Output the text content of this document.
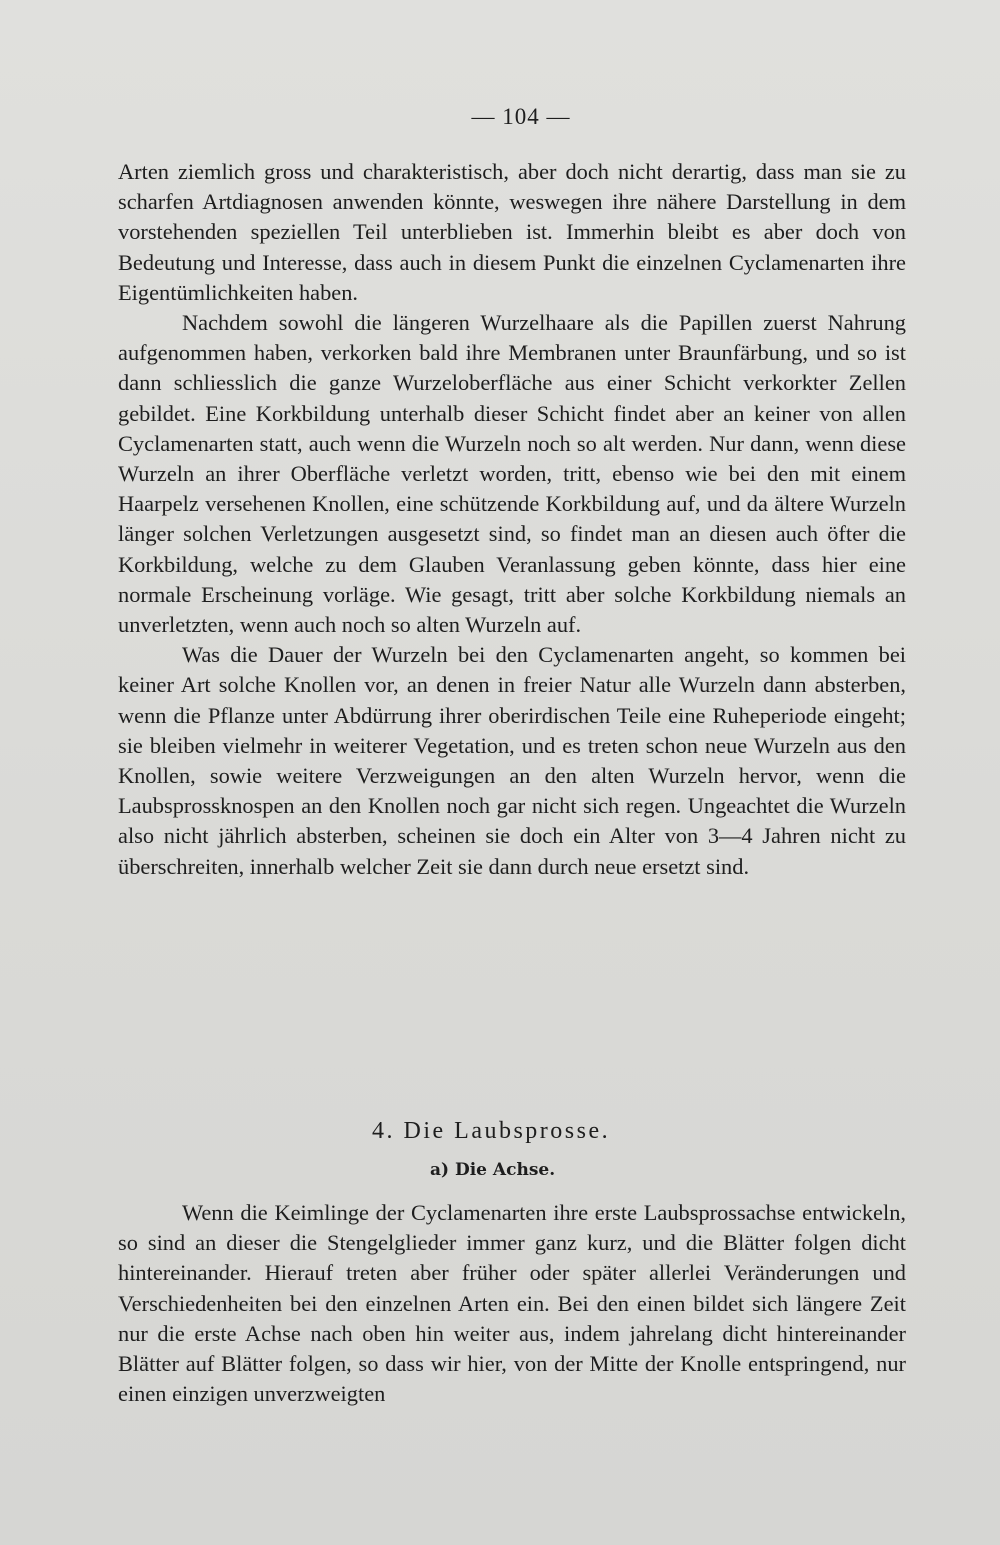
— 104 —

Arten ziemlich gross und charakteristisch, aber doch nicht derartig, dass man sie zu scharfen Artdiagnosen anwenden könnte, weswegen ihre nähere Darstellung in dem vorstehenden speziellen Teil unterblieben ist. Immerhin bleibt es aber doch von Bedeutung und Interesse, dass auch in diesem Punkt die einzelnen Cyclamenarten ihre Eigentümlichkeiten haben.

Nachdem sowohl die längeren Wurzelhaare als die Papillen zuerst Nahrung aufgenommen haben, verkorken bald ihre Membranen unter Braunfärbung, und so ist dann schliesslich die ganze Wurzeloberfläche aus einer Schicht verkorkter Zellen gebildet. Eine Korkbildung unterhalb dieser Schicht findet aber an keiner von allen Cyclamenarten statt, auch wenn die Wurzeln noch so alt werden. Nur dann, wenn diese Wurzeln an ihrer Oberfläche verletzt worden, tritt, ebenso wie bei den mit einem Haarpelz versehenen Knollen, eine schützende Korkbildung auf, und da ältere Wurzeln länger solchen Verletzungen ausgesetzt sind, so findet man an diesen auch öfter die Korkbildung, welche zu dem Glauben Veranlassung geben könnte, dass hier eine normale Erscheinung vorläge. Wie gesagt, tritt aber solche Korkbildung niemals an unverletzten, wenn auch noch so alten Wurzeln auf.

Was die Dauer der Wurzeln bei den Cyclamenarten angeht, so kommen bei keiner Art solche Knollen vor, an denen in freier Natur alle Wurzeln dann absterben, wenn die Pflanze unter Abdürrung ihrer oberirdischen Teile eine Ruheperiode eingeht; sie bleiben vielmehr in weiterer Vegetation, und es treten schon neue Wurzeln aus den Knollen, sowie weitere Verzweigungen an den alten Wurzeln hervor, wenn die Laubsprossknospen an den Knollen noch gar nicht sich regen. Ungeachtet die Wurzeln also nicht jährlich absterben, scheinen sie doch ein Alter von 3—4 Jahren nicht zu überschreiten, innerhalb welcher Zeit sie dann durch neue ersetzt sind.

4. Die Laubsprosse.
a) Die Achse.

Wenn die Keimlinge der Cyclamenarten ihre erste Laubsprossachse entwickeln, so sind an dieser die Stengelglieder immer ganz kurz, und die Blätter folgen dicht hintereinander. Hierauf treten aber früher oder später allerlei Veränderungen und Verschiedenheiten bei den einzelnen Arten ein. Bei den einen bildet sich längere Zeit nur die erste Achse nach oben hin weiter aus, indem jahrelang dicht hintereinander Blätter auf Blätter folgen, so dass wir hier, von der Mitte der Knolle entspringend, nur einen einzigen unverzweigten
